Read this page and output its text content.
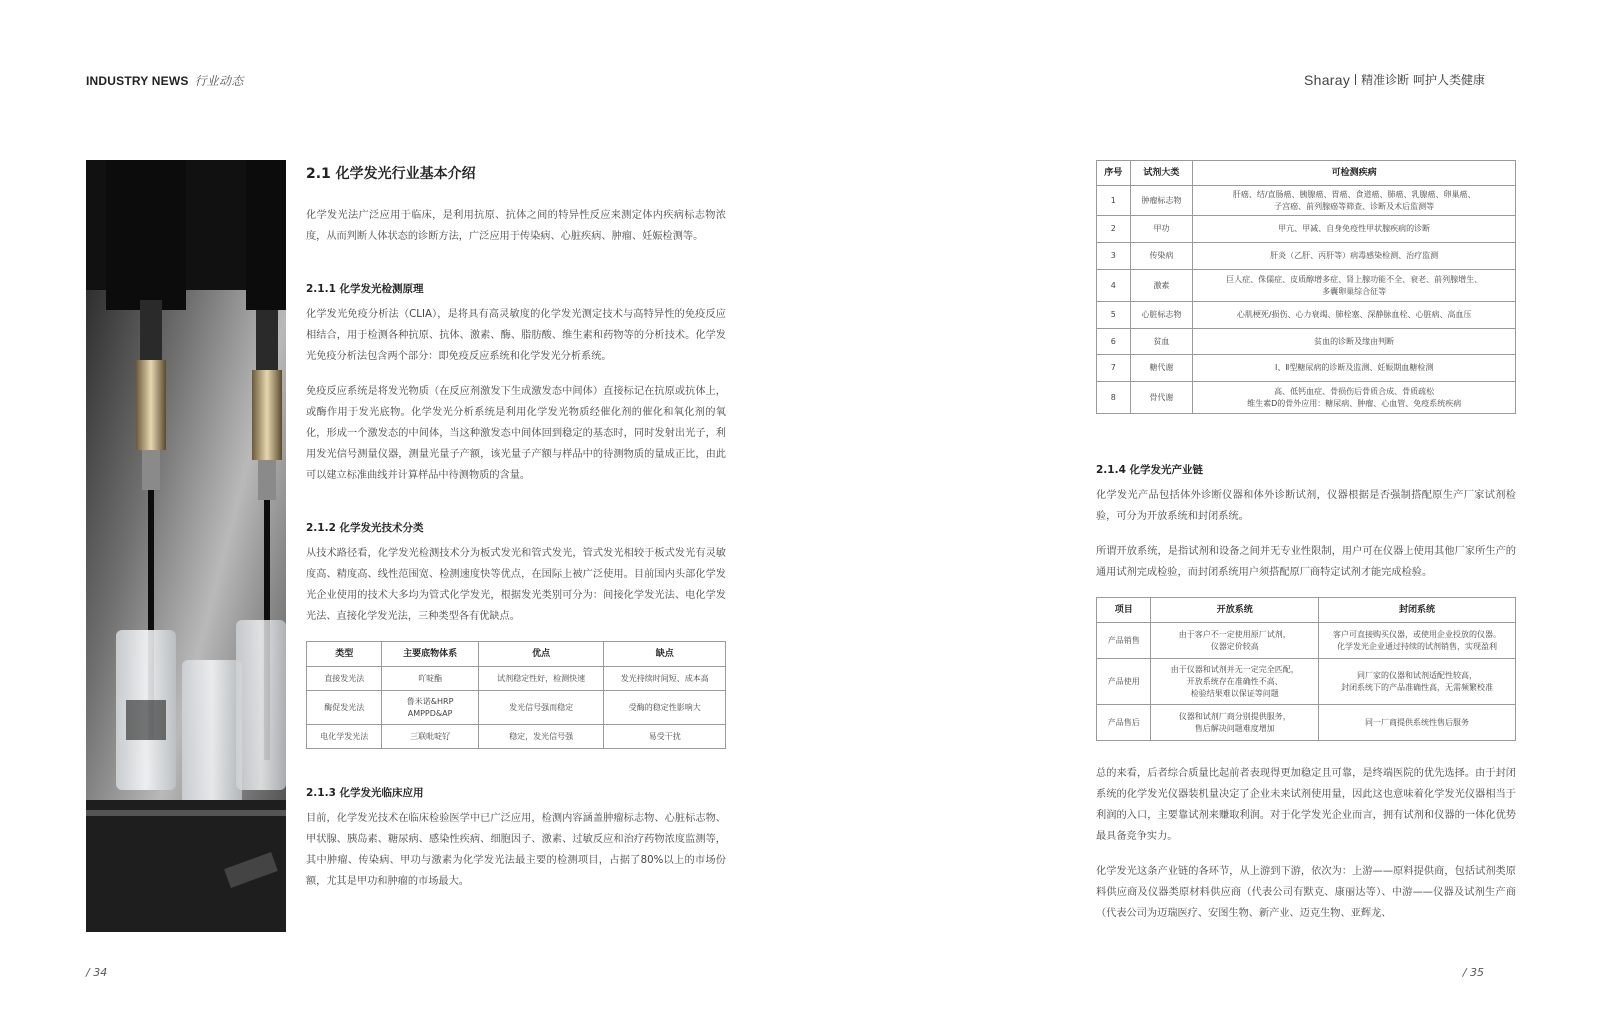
INDUSTRY NEWS 行业动态	Sharay 精准诊断 呵护人类健康
2.1 化学发光行业基本介绍

化学发光法广泛应用于临床，是利用抗原、抗体之间的特异性反应来测定体内疾病标志物浓度，从而判断人体状态的诊断方法，广泛应用于传染病、心脏疾病、肿瘤、妊娠检测等。

2.1.1 化学发光检测原理

化学发光免疫分析法（CLIA），是将具有高灵敏度的化学发光测定技术与高特异性的免疫反应相结合，用于检测各种抗原、抗体、激素、酶、脂肪酸、维生素和药物等的分析技术。化学发光免疫分析法包含两个部分：即免疫反应系统和化学发光分析系统。

免疫反应系统是将发光物质（在反应剂激发下生成激发态中间体）直接标记在抗原或抗体上，或酶作用于发光底物。化学发光分析系统是利用化学发光物质经催化剂的催化和氧化剂的氧化，形成一个激发态的中间体，当这种激发态中间体回到稳定的基态时，同时发射出光子，利用发光信号测量仪器，测量光量子产额，该光量子产额与样品中的待测物质的量成正比，由此可以建立标准曲线并计算样品中待测物质的含量。

2.1.2 化学发光技术分类

从技术路径看，化学发光检测技术分为板式发光和管式发光，管式发光相较于板式发光有灵敏度高、精度高、线性范围宽、检测速度快等优点，在国际上被广泛使用。目前国内头部化学发光企业使用的技术大多均为管式化学发光，根据发光类别可分为：间接化学发光法、电化学发光法、直接化学发光法，三种类型各有优缺点。

类型	主要底物体系	优点	缺点
直接发光法	吖啶酯	试剂稳定性好，检测快速	发光持续时间短、成本高
酶促发光法	鲁米诺&HRP
AMPPD&AP	发光信号强而稳定	受酶的稳定性影响大
电化学发光法	三联吡啶钌	稳定，发光信号强	易受干扰
2.1.3 化学发光临床应用

目前，化学发光技术在临床检验医学中已广泛应用，检测内容涵盖肿瘤标志物、心脏标志物、甲状腺、胰岛素、糖尿病、感染性疾病、细胞因子、激素、过敏反应和治疗药物浓度监测等，其中肿瘤、传染病、甲功与激素为化学发光法最主要的检测项目，占据了80%以上的市场份额，尤其是甲功和肿瘤的市场最大。

/ 34
序号	试剂大类	可检测疾病
1	肿瘤标志物	肝癌、结/直肠癌、胰腺癌、胃癌、食道癌、肺癌、乳腺癌、卵巢癌、
子宫癌、前列腺癌等筛查、诊断及术后监测等
2	甲功	甲亢、甲减、自身免疫性甲状腺疾病的诊断
3	传染病	肝炎（乙肝、丙肝等）病毒感染检测、治疗监测
4	激素	巨人症、侏儒症、皮质醇增多症、肾上腺功能不全、衰老、前列腺增生、
多囊卵巢综合征等
5	心脏标志物	心肌梗死/损伤、心力衰竭、肺栓塞、深静脉血栓、心脏病、高血压
6	贫血	贫血的诊断及缘由判断
7	糖代谢	Ⅰ、Ⅱ型糖尿病的诊断及监测、妊娠期血糖检测
8	骨代谢	高、低钙血症、骨损伤后骨质合成、骨质疏松
维生素D的骨外应用：糖尿病、肿瘤、心血管、免疫系统疾病
2.1.4 化学发光产业链

化学发光产品包括体外诊断仪器和体外诊断试剂，仪器根据是否强制搭配原生产厂家试剂检验，可分为开放系统和封闭系统。

所谓开放系统，是指试剂和设备之间并无专业性限制，用户可在仪器上使用其他厂家所生产的通用试剂完成检验，而封闭系统用户须搭配原厂商特定试剂才能完成检验。

项目	开放系统	封闭系统
产品销售	由于客户不一定使用原厂试剂，
仪器定价较高	客户可直接购买仪器，或使用企业投放的仪器。
化学发光企业通过持续的试剂销售，实现盈利
产品使用	由于仪器和试剂并无一定完全匹配，
开放系统存在准确性不高、
检验结果难以保证等问题	同厂家的仪器和试剂适配性较高，
封闭系统下的产品准确性高，无需频繁校准
产品售后	仪器和试剂厂商分别提供服务，
售后解决问题难度增加	同一厂商提供系统性售后服务

总的来看，后者综合质量比起前者表现得更加稳定且可靠，是终端医院的优先选择。由于封闭系统的化学发光仪器装机量决定了企业未来试剂使用量，因此这也意味着化学发光仪器相当于利润的入口，主要靠试剂来赚取利润。对于化学发光企业而言，拥有试剂和仪器的一体化优势最具备竞争实力。

化学发光这条产业链的各环节，从上游到下游，依次为：上游——原料提供商，包括试剂类原料供应商及仪器类原材料供应商（代表公司有默克、康丽达等）、中游——仪器及试剂生产商（代表公司为迈瑞医疗、安图生物、新产业、迈克生物、亚辉龙、

/ 35
